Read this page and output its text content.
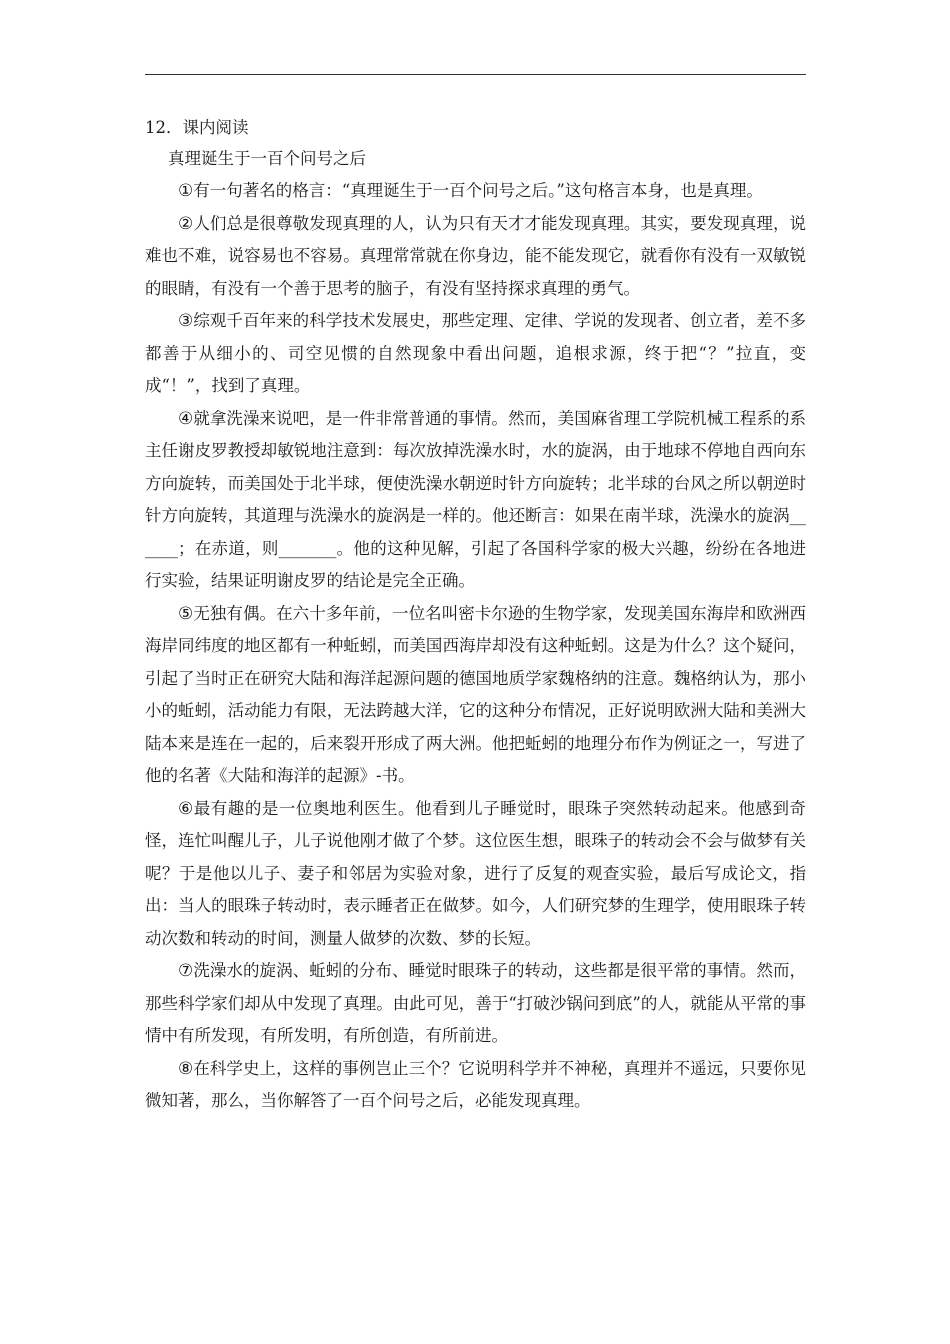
12．课内阅读

真理诞生于一百个问号之后

①有一句著名的格言：“真理诞生于一百个问号之后。”这句格言本身，也是真理。

②人们总是很尊敬发现真理的人，认为只有天才才能发现真理。其实，要发现真理，说难也不难，说容易也不容易。真理常常就在你身边，能不能发现它，就看你有没有一双敏锐的眼睛，有没有一个善于思考的脑子，有没有坚持探求真理的勇气。

③综观千百年来的科学技术发展史，那些定理、定律、学说的发现者、创立者，差不多都善于从细小的、司空见惯的自然现象中看出问题，追根求源，终于把“？”拉直，变成“！”，找到了真理。

④就拿洗澡来说吧，是一件非常普通的事情。然而，美国麻省理工学院机械工程系的系主任谢皮罗教授却敏锐地注意到：每次放掉洗澡水时，水的旋涡，由于地球不停地自西向东方向旋转，而美国处于北半球，便使洗澡水朝逆时针方向旋转；北半球的台风之所以朝逆时针方向旋转，其道理与洗澡水的旋涡是一样的。他还断言：如果在南半球，洗澡水的旋涡______；在赤道，则_______。他的这种见解，引起了各国科学家的极大兴趣，纷纷在各地进行实验，结果证明谢皮罗的结论是完全正确。

⑤无独有偶。在六十多年前，一位名叫密卡尔逊的生物学家，发现美国东海岸和欧洲西海岸同纬度的地区都有一种蚯蚓，而美国西海岸却没有这种蚯蚓。这是为什么？这个疑问，引起了当时正在研究大陆和海洋起源问题的德国地质学家魏格纳的注意。魏格纳认为，那小小的蚯蚓，活动能力有限，无法跨越大洋，它的这种分布情况，正好说明欧洲大陆和美洲大陆本来是连在一起的，后来裂开形成了两大洲。他把蚯蚓的地理分布作为例证之一，写进了他的名著《大陆和海洋的起源》-书。

⑥最有趣的是一位奥地利医生。他看到儿子睡觉时，眼珠子突然转动起来。他感到奇怪，连忙叫醒儿子，儿子说他刚才做了个梦。这位医生想，眼珠子的转动会不会与做梦有关呢？于是他以儿子、妻子和邻居为实验对象，进行了反复的观查实验，最后写成论文，指出：当人的眼珠子转动时，表示睡者正在做梦。如今，人们研究梦的生理学，使用眼珠子转动次数和转动的时间，测量人做梦的次数、梦的长短。

⑦洗澡水的旋涡、蚯蚓的分布、睡觉时眼珠子的转动，这些都是很平常的事情。然而，那些科学家们却从中发现了真理。由此可见，善于“打破沙锅问到底”的人，就能从平常的事情中有所发现，有所发明，有所创造，有所前进。

⑧在科学史上，这样的事例岂止三个？它说明科学并不神秘，真理并不遥远，只要你见微知著，那么，当你解答了一百个问号之后，必能发现真理。
